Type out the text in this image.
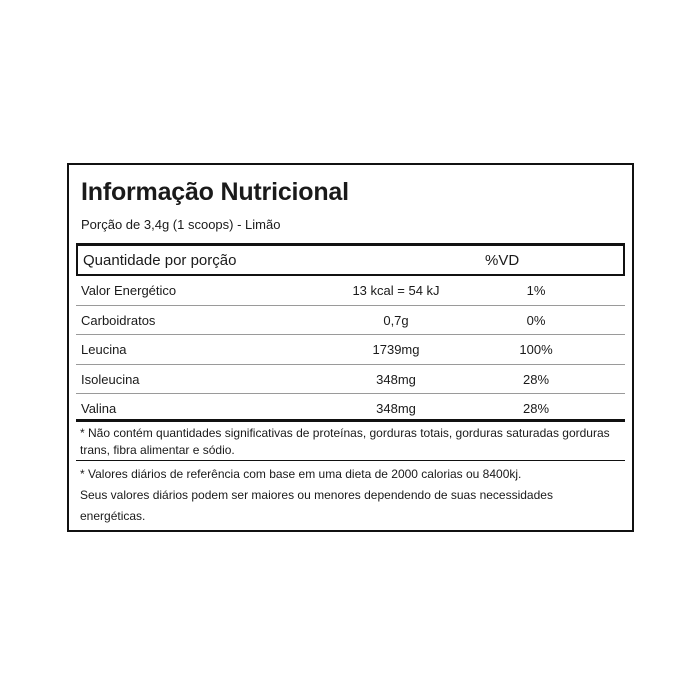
Informação Nutricional
Porção de 3,4g (1 scoops) - Limão
Quantidade por porção	%VD
Valor Energético	13 kcal = 54 kJ	1%
Carboidratos	0,7g	0%
Leucina	1739mg	100%
Isoleucina	348mg	28%
Valina	348mg	28%
* Não contém quantidades significativas de proteínas, gorduras totais, gorduras saturadas gorduras trans, fibra alimentar e sódio.

* Valores diários de referência com base em uma dieta de 2000 calorias ou 8400kj.

Seus valores diários podem ser maiores ou menores dependendo de suas necessidades energéticas.
